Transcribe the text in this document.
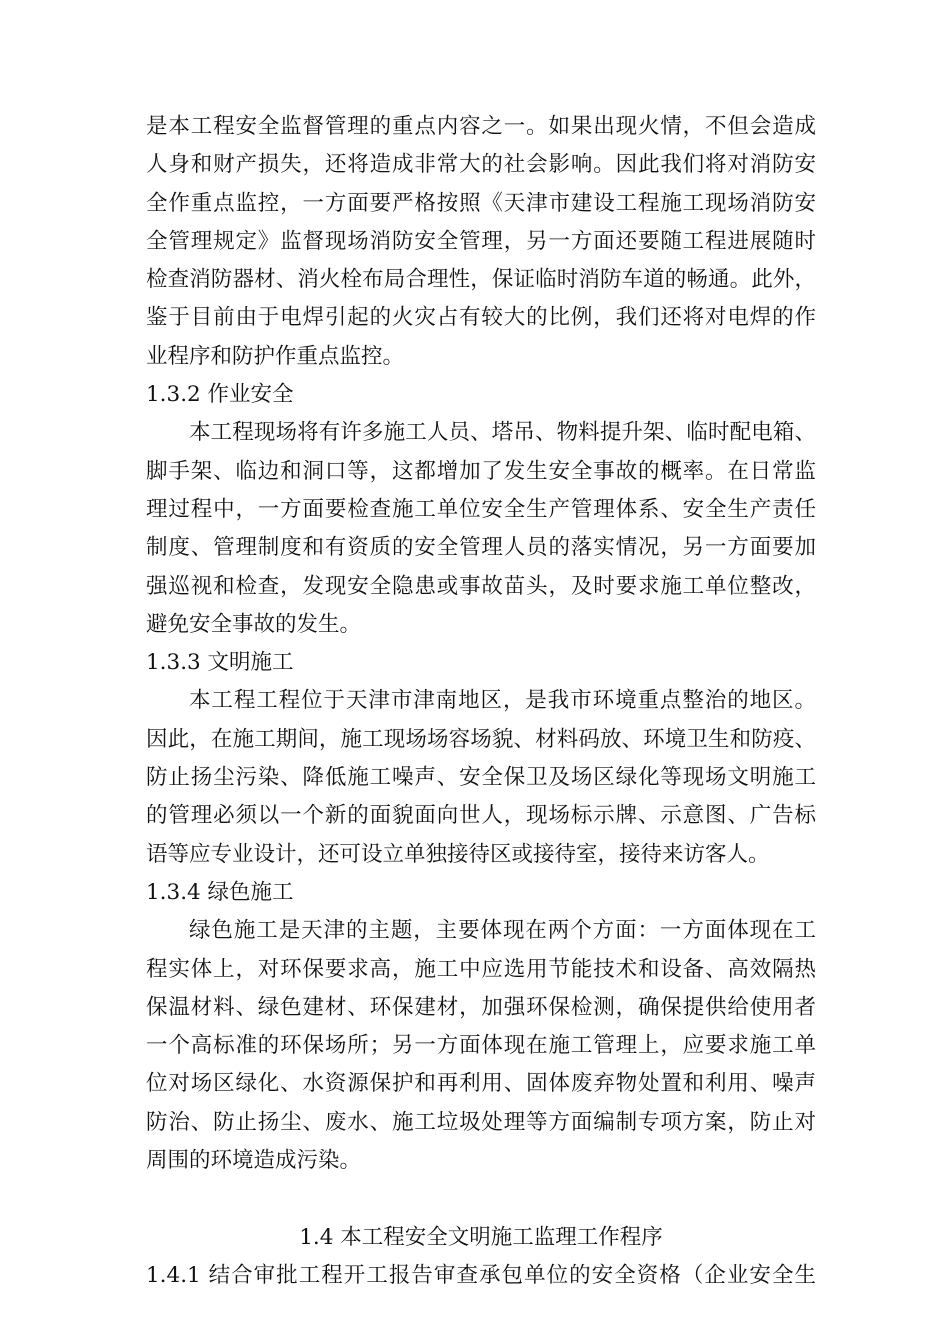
是本工程安全监督管理的重点内容之一。如果出现火情，不但会造成
人身和财产损失，还将造成非常大的社会影响。因此我们将对消防安
全作重点监控，一方面要严格按照《天津市建设工程施工现场消防安
全管理规定》监督现场消防安全管理，另一方面还要随工程进展随时
检查消防器材、消火栓布局合理性，保证临时消防车道的畅通。此外，
鉴于目前由于电焊引起的火灾占有较大的比例，我们还将对电焊的作
业程序和防护作重点监控。
1.3.2 作业安全
本工程现场将有许多施工人员、塔吊、物料提升架、临时配电箱、
脚手架、临边和洞口等，这都增加了发生安全事故的概率。在日常监
理过程中，一方面要检查施工单位安全生产管理体系、安全生产责任
制度、管理制度和有资质的安全管理人员的落实情况，另一方面要加
强巡视和检查，发现安全隐患或事故苗头，及时要求施工单位整改，
避免安全事故的发生。
1.3.3 文明施工
本工程工程位于天津市津南地区，是我市环境重点整治的地区。
因此，在施工期间，施工现场场容场貌、材料码放、环境卫生和防疫、
防止扬尘污染、降低施工噪声、安全保卫及场区绿化等现场文明施工
的管理必须以一个新的面貌面向世人，现场标示牌、示意图、广告标
语等应专业设计，还可设立单独接待区或接待室，接待来访客人。
1.3.4 绿色施工
绿色施工是天津的主题，主要体现在两个方面：一方面体现在工
程实体上，对环保要求高，施工中应选用节能技术和设备、高效隔热
保温材料、绿色建材、环保建材，加强环保检测，确保提供给使用者
一个高标准的环保场所；另一方面体现在施工管理上，应要求施工单
位对场区绿化、水资源保护和再利用、固体废弃物处置和利用、噪声
防治、防止扬尘、废水、施工垃圾处理等方面编制专项方案，防止对
周围的环境造成污染。
1.4 本工程安全文明施工监理工作程序
1.4.1 结合审批工程开工报告审查承包单位的安全资格（企业安全生
